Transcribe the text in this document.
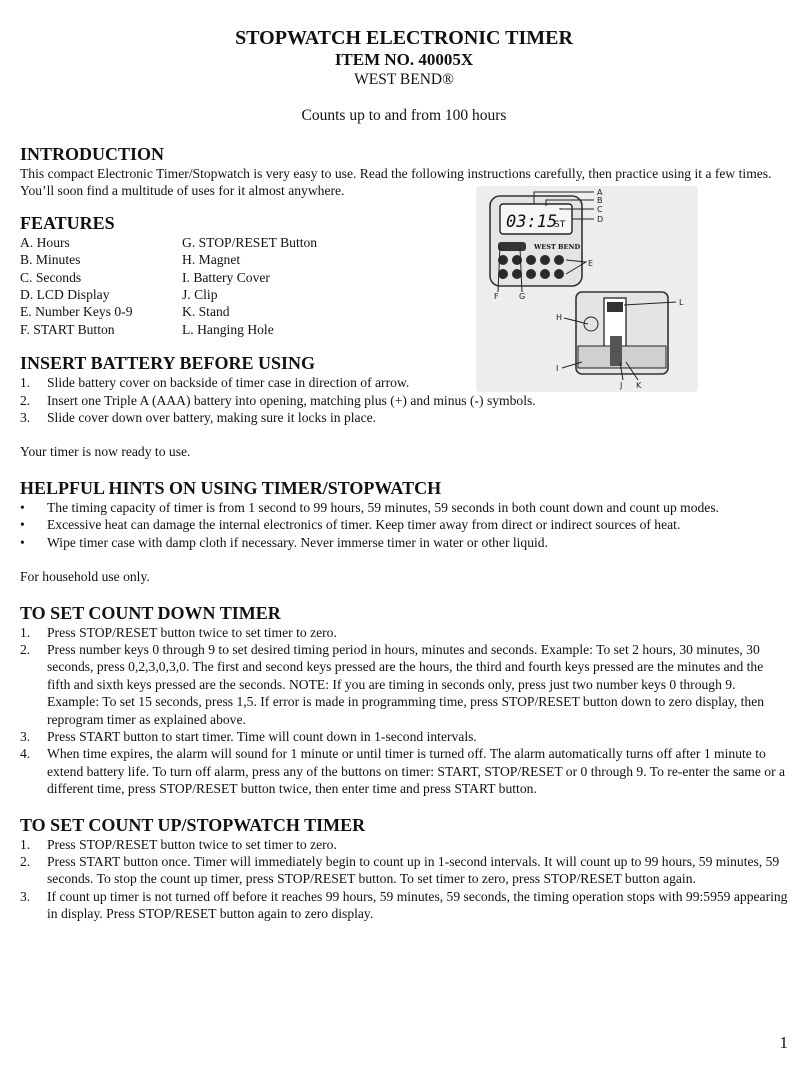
STOPWATCH ELECTRONIC TIMER
ITEM NO. 40005X
WEST BEND®
Counts up to and from 100 hours
INTRODUCTION

This compact Electronic Timer/Stopwatch is very easy to use. Read the following instructions carefully, then practice using it a few times. You’ll soon find a multitude of uses for it almost anywhere.

FEATURES
A. Hours	G. STOP/RESET Button
B. Minutes	H. Magnet
C. Seconds	I. Battery Cover
D. LCD Display	J. Clip
E. Number Keys 0-9	K. Stand
F. START Button	L. Hanging Hole
INSERT BATTERY BEFORE USING
1. Slide battery cover on backside of timer case in direction of arrow.
2. Insert one Triple A (AAA) battery into opening, matching plus (+) and minus (-) symbols.
3. Slide cover down over battery, making sure it locks in place.

Your timer is now ready to use.

HELPFUL HINTS ON USING TIMER/STOPWATCH
• The timing capacity of timer is from 1 second to 99 hours, 59 minutes, 59 seconds in both count down and count up modes.
• Excessive heat can damage the internal electronics of timer. Keep timer away from direct or indirect sources of heat.
• Wipe timer case with damp cloth if necessary. Never immerse timer in water or other liquid.

For household use only.

TO SET COUNT DOWN TIMER
1. Press STOP/RESET button twice to set timer to zero.
2. Press number keys 0 through 9 to set desired timing period in hours, minutes and seconds. Example: To set 2 hours, 30 minutes, 30 seconds, press 0,2,3,0,3,0. The first and second keys pressed are the hours, the third and fourth keys pressed are the minutes and the fifth and sixth keys pressed are the seconds. NOTE: If you are timing in seconds only, press just two number keys 0 through 9. Example: To set 15 seconds, press 1,5. If error is made in programming time, press STOP/RESET button down to zero display, then reprogram timer as explained above.
3. Press START button to start timer. Time will count down in 1-second intervals.
4. When time expires, the alarm will sound for 1 minute or until timer is turned off. The alarm automatically turns off after 1 minute to extend battery life. To turn off alarm, press any of the buttons on timer: START, STOP/RESET or 0 through 9. To re-enter the same or a different time, press STOP/RESET button twice, then enter time and press START button.
TO SET COUNT UP/STOPWATCH TIMER
1. Press STOP/RESET button twice to set timer to zero.
2. Press START button once. Timer will immediately begin to count up in 1-second intervals. It will count up to 99 hours, 59 minutes, 59 seconds. To stop the count up timer, press STOP/RESET button. To set timer to zero, press STOP/RESET button again.
3. If count up timer is not turned off before it reaches 99 hours, 59 minutes, 59 seconds, the timing operation stops with 99:5959 appearing in display. Press STOP/RESET button again to zero display.
03:15
ST
WEST BEND
A
B
C
D
E
F	G
H
I
J K
L
1
